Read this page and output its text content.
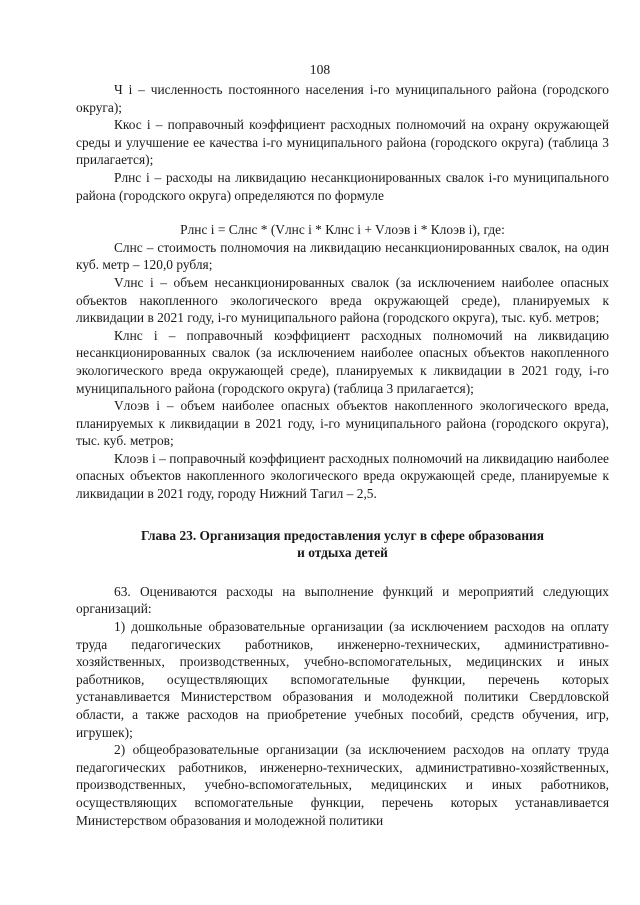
108

Ч i – численность постоянного населения i-го муниципального района (городского округа);

Ккос i – поправочный коэффициент расходных полномочий на охрану окружающей среды и улучшение ее качества i-го муниципального района (городского округа) (таблица 3 прилагается);

Рлнс i – расходы на ликвидацию несанкционированных свалок i-го муниципального района (городского округа) определяются по формуле

Рлнс i = Слнс * (Vлнс i * Клнс i + Vлоэв i * Клоэв i), где:

Слнс – стоимость полномочия на ликвидацию несанкционированных свалок, на один куб. метр – 120,0 рубля;

Vлнс i – объем несанкционированных свалок (за исключением наиболее опасных объектов накопленного экологического вреда окружающей среде), планируемых к ликвидации в 2021 году, i-го муниципального района (городского округа), тыс. куб. метров;

Клнс i – поправочный коэффициент расходных полномочий на ликвидацию несанкционированных свалок (за исключением наиболее опасных объектов накопленного экологического вреда окружающей среде), планируемых к ликвидации в 2021 году, i-го муниципального района (городского округа) (таблица 3 прилагается);

Vлоэв i – объем наиболее опасных объектов накопленного экологического вреда, планируемых к ликвидации в 2021 году, i-го муниципального района (городского округа), тыс. куб. метров;

Клоэв i – поправочный коэффициент расходных полномочий на ликвидацию наиболее опасных объектов накопленного экологического вреда окружающей среде, планируемые к ликвидации в 2021 году, городу Нижний Тагил – 2,5.

Глава 23. Организация предоставления услуг в сфере образования
и отдыха детей

63. Оцениваются расходы на выполнение функций и мероприятий следующих организаций:

1) дошкольные образовательные организации (за исключением расходов на оплату труда педагогических работников, инженерно-технических, административно-хозяйственных, производственных, учебно-вспомогательных, медицинских и иных работников, осуществляющих вспомогательные функции, перечень которых устанавливается Министерством образования и молодежной политики Свердловской области, а также расходов на приобретение учебных пособий, средств обучения, игр, игрушек);

2) общеобразовательные организации (за исключением расходов на оплату труда педагогических работников, инженерно-технических, административно-хозяйственных, производственных, учебно-вспомогательных, медицинских и иных работников, осуществляющих вспомогательные функции, перечень которых устанавливается Министерством образования и молодежной политики
